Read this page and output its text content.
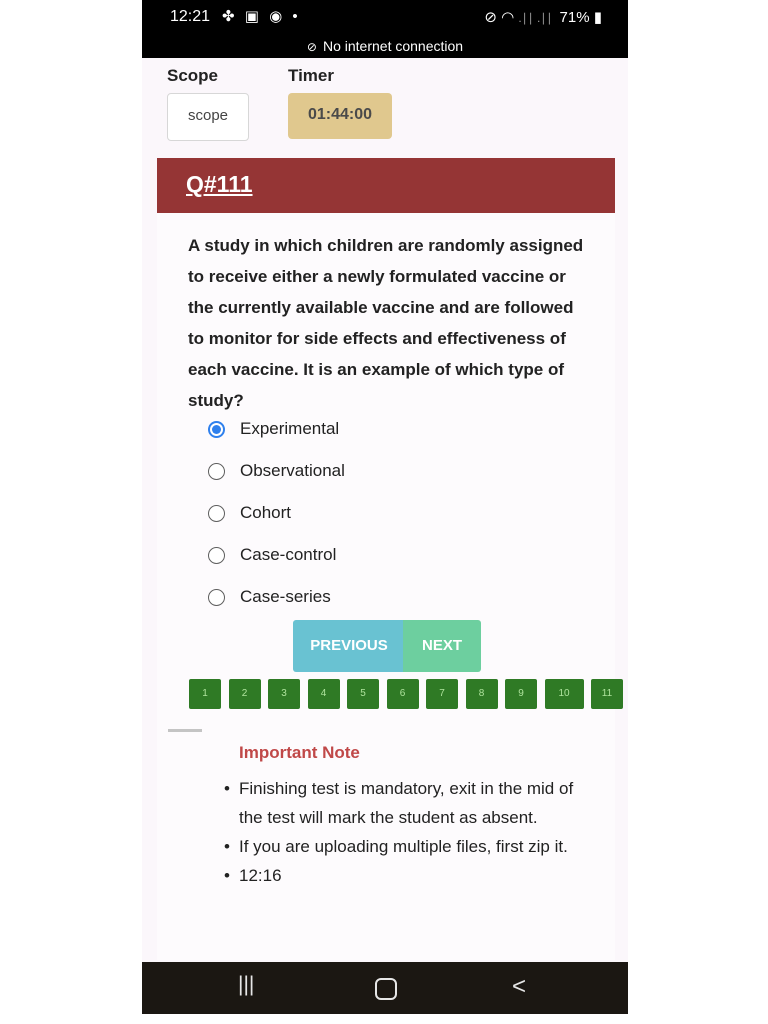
12:21 ✤ ▣ ◉ •	⊘ ◠ .∣∣ .∣∣ 71% ▮
⊘ No internet connection
Scope	Timer
scope	01:44:00
Q#111
A study in which children are randomly assigned to receive either a newly formulated vaccine or the currently available vaccine and are followed to monitor for side effects and effectiveness of each vaccine. It is an example of which type of study?
Experimental
Observational
Cohort
Case-control
Case-series
PREVIOUS	NEXT
1	2	3	4	5	6	7	8	9	10	11
Important Note
• Finishing test is mandatory, exit in the mid of the test will mark the student as absent.
• If you are uploading multiple files, first zip it.
• 12:16
|||	<
